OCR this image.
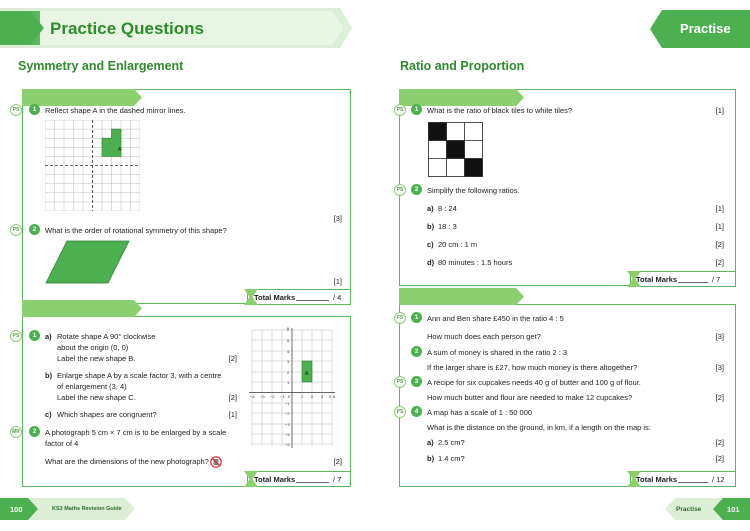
Practice Questions	Practise
Symmetry and Enlargement
PS	1	Reflect shape A in the dashed mirror lines.
A
[3]
PS	2	What is the order of rotational symmetry of this shape?
[1]
Total Marks	/ 4
PS	1	a) Rotate shape A 90° clockwise
about the origin (0, 0)
Label the new shape B.	[2]
b) Enlarge shape A by a scale factor 3, with a centre
of enlargement (3, 4)
Label the new shape C.	[2]
c) Which shapes are congruent?	[1]
A
x
y
−4 −3 −2 −1 0	1 2 3 4
5
4
3
2
1
−1
−2
−3
−4
−5
MR	2	A photograph 5 cm × 7 cm is to be enlarged by a scale
factor of 4
What are the dimensions of the new photograph?	[2]
Total Marks	/ 7
Ratio and Proportion
PS	1	What is the ratio of black tiles to white tiles?	[1]
PS	2	Simplify the following ratios.
a) 8 : 24	[1]
b) 18 : 3	[1]
c) 20 cm : 1 m	[2]
d) 80 minutes : 1.5 hours	[2]
Total Marks	/ 7
FS	1	Ann and Ben share £450 in the ratio 4 : 5
How much does each person get?	[3]
2	A sum of money is shared in the ratio 2 : 3
If the larger share is £27, how much money is there altogether?	[3]
PS	3	A recipe for six cupcakes needs 40 g of butter and 100 g of flour.
How much butter and flour are needed to make 12 cupcakes?	[2]
PS	4	A map has a scale of 1 : 50 000
What is the distance on the ground, in km, if a length on the map is:
a) 2.5 cm?	[2]
b) 1.4 cm?	[2]
Total Marks	/ 12
100	KS3 Maths Revision Guide	Practise	101
